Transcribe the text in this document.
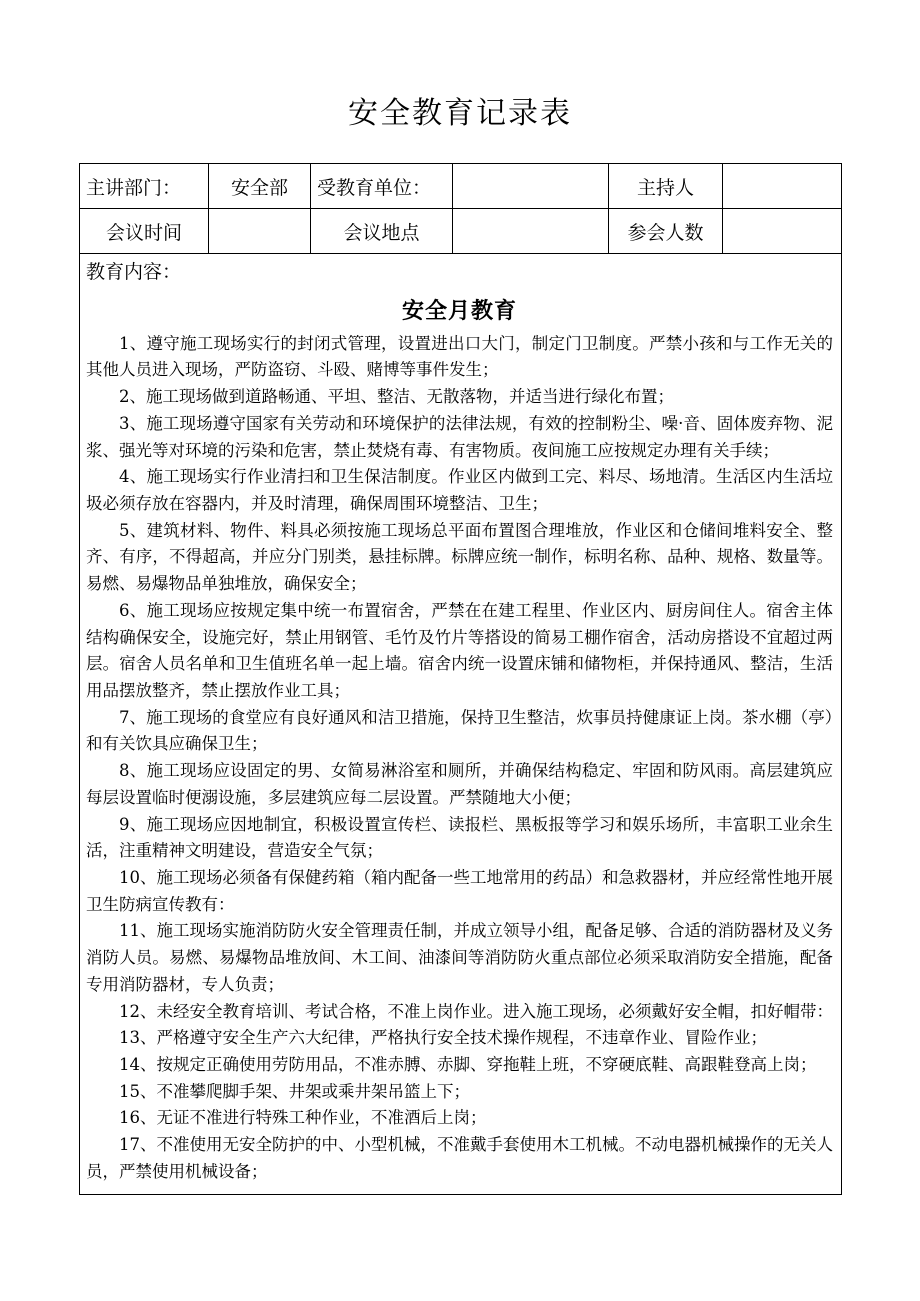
安全教育记录表
主讲部门：	安全部	受教育单位：		主持人	
会议时间		会议地点		参会人数	

教育内容：
安全月教育
1、遵守施工现场实行的封闭式管理，设置进出口大门，制定门卫制度。严禁小孩和与工作无关的其他人员进入现场，严防盗窃、斗殴、赌博等事件发生；
2、施工现场做到道路畅通、平坦、整洁、无散落物，并适当进行绿化布置；
3、施工现场遵守国家有关劳动和环境保护的法律法规，有效的控制粉尘、噪·音、固体废弃物、泥浆、强光等对环境的污染和危害，禁止焚烧有毒、有害物质。夜间施工应按规定办理有关手续；
4、施工现场实行作业清扫和卫生保洁制度。作业区内做到工完、料尽、场地清。生活区内生活垃圾必须存放在容器内，并及时清理，确保周围环境整洁、卫生；
5、建筑材料、物件、料具必须按施工现场总平面布置图合理堆放，作业区和仓储间堆料安全、整齐、有序，不得超高，并应分门别类，悬挂标牌。标牌应统一制作，标明名称、品种、规格、数量等。易燃、易爆物品单独堆放，确保安全；
6、施工现场应按规定集中统一布置宿舍，严禁在在建工程里、作业区内、厨房间住人。宿舍主体结构确保安全，设施完好，禁止用钢管、毛竹及竹片等搭设的简易工棚作宿舍，活动房搭设不宜超过两层。宿舍人员名单和卫生值班名单一起上墙。宿舍内统一设置床铺和储物柜，并保持通风、整洁，生活用品摆放整齐，禁止摆放作业工具；
7、施工现场的食堂应有良好通风和洁卫措施，保持卫生整洁，炊事员持健康证上岗。茶水棚（亭）和有关饮具应确保卫生；
8、施工现场应设固定的男、女简易淋浴室和厕所，并确保结构稳定、牢固和防风雨。高层建筑应每层设置临时便溺设施，多层建筑应每二层设置。严禁随地大小便；
9、施工现场应因地制宜，积极设置宣传栏、读报栏、黑板报等学习和娱乐场所，丰富职工业余生活，注重精神文明建设，营造安全气氛；
10、施工现场必须备有保健药箱（箱内配备一些工地常用的药品）和急救器材，并应经常性地开展卫生防病宣传教有：
11、施工现场实施消防防火安全管理责任制，并成立领导小组，配备足够、合适的消防器材及义务消防人员。易燃、易爆物品堆放间、木工间、油漆间等消防防火重点部位必须采取消防安全措施，配备专用消防器材，专人负责；
12、未经安全教育培训、考试合格，不准上岗作业。进入施工现场，必须戴好安全帽，扣好帽带：
13、严格遵守安全生产六大纪律，严格执行安全技术操作规程，不违章作业、冒险作业；
14、按规定正确使用劳防用品，不准赤膊、赤脚、穿拖鞋上班，不穿硬底鞋、高跟鞋登高上岗；
15、不准攀爬脚手架、井架或乘井架吊篮上下；
16、无证不准进行特殊工种作业，不准酒后上岗；
17、不准使用无安全防护的中、小型机械，不准戴手套使用木工机械。不动电器机械操作的无关人员，严禁使用机械设备；
